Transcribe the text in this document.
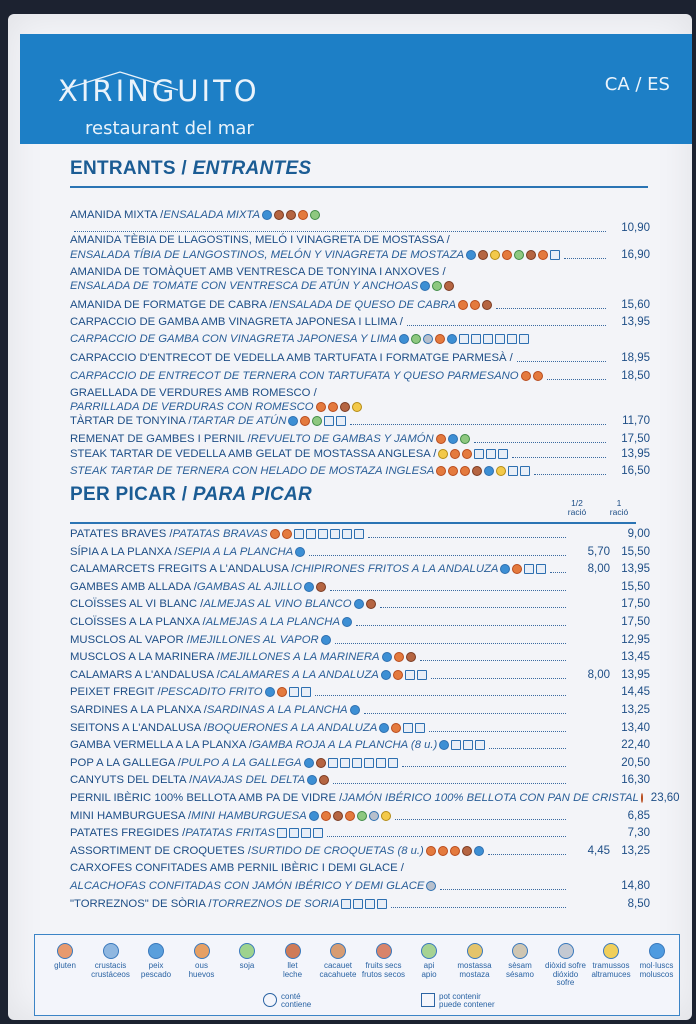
XIRINGUITO
restaurant del mar
CA / ES
ENTRANTS / ENTRANTES
AMANIDA MIXTA / ENSALADA MIXTA
10,90
AMANIDA TÈBIA DE LLAGOSTINS, MELÓ I VINAGRETA DE MOSTASSA /
ENSALADA TÍBIA DE LANGOSTINOS, MELÓN Y VINAGRETA DE MOSTAZA	16,90
AMANIDA DE TOMÀQUET AMB VENTRESCA DE TONYINA I ANXOVES /
ENSALADA DE TOMATE CON VENTRESCA DE ATÚN Y ANCHOAS
AMANIDA DE FORMATGE DE CABRA / ENSALADA DE QUESO DE CABRA	15,60
CARPACCIO DE GAMBA AMB VINAGRETA JAPONESA I LLIMA /	13,95
CARPACCIO DE GAMBA CON VINAGRETA JAPONESA Y LIMA
CARPACCIO D'ENTRECOT DE VEDELLA AMB TARTUFATA I FORMATGE PARMESÀ /	18,95
CARPACCIO DE ENTRECOT DE TERNERA CON TARTUFATA Y QUESO PARMESANO	18,50
GRAELLADA DE VERDURES AMB ROMESCO /
PARRILLADA DE VERDURAS CON ROMESCO
TÀRTAR DE TONYINA / TARTAR DE ATÚN	11,70
REMENAT DE GAMBES I PERNIL / REVUELTO DE GAMBAS Y JAMÓN	17,50
STEAK TARTAR DE VEDELLA AMB GELAT DE MOSTASSA ANGLESA /	13,95
STEAK TARTAR DE TERNERA CON HELADO DE MOSTAZA INGLESA	16,50
PER PICAR / PARA PICAR	1/2
ració
1
ració
PATATES BRAVES / PATATAS BRAVAS	9,00
SÍPIA A LA PLANXA / SEPIA A LA PLANCHA	5,70 15,50
CALAMARCETS FREGITS A L'ANDALUSA / CHIPIRONES FRITOS A LA ANDALUZA	8,00 13,95
GAMBES AMB ALLADA / GAMBAS AL AJILLO	15,50
CLOÏSSES AL VI BLANC / ALMEJAS AL VINO BLANCO	17,50
CLOÏSSES A LA PLANXA / ALMEJAS A LA PLANCHA	17,50
MUSCLOS AL VAPOR / MEJILLONES AL VAPOR	12,95
MUSCLOS A LA MARINERA / MEJILLONES A LA MARINERA	13,45
CALAMARS A L'ANDALUSA / CALAMARES A LA ANDALUZA	8,00 13,95
PEIXET FREGIT / PESCADITO FRITO	14,45
SARDINES A LA PLANXA / SARDINAS A LA PLANCHA	13,25
SEITONS A L'ANDALUSA / BOQUERONES A LA ANDALUZA	13,40
GAMBA VERMELLA A LA PLANXA / GAMBA ROJA A LA PLANCHA (8 u.)	22,40
POP A LA GALLEGA / PULPO A LA GALLEGA	20,50
CANYUTS DEL DELTA / NAVAJAS DEL DELTA	16,30
PERNIL IBÈRIC 100% BELLOTA AMB PA DE VIDRE / JAMÓN IBÉRICO 100% BELLOTA CON PAN DE CRISTAL 23,60
MINI HAMBURGUESA / MINI HAMBURGUESA	6,85
PATATES FREGIDES / PATATAS FRITAS	7,30
ASSORTIMENT DE CROQUETES / SURTIDO DE CROQUETAS (8 u.)	4,45 13,25
CARXOFES CONFITADES AMB PERNIL IBÈRIC I DEMI GLACE /
ALCACHOFAS CONFITADAS CON JAMÓN IBÉRICO Y DEMI GLACE	14,80
"TORREZNOS" DE SÒRIA / TORREZNOS DE SORIA	8,50
gluten	crustacis
crustáceos
peix
pescado
ous
huevos
soja	llet
leche
cacauet
cacahuete
fruits secs
frutos secos
api
apio
mostassa
mostaza
sèsam
sésamo
diòxid sofre
dióxido sofre
tramussos
altramuces
mol·luscs
moluscos
conté
contiene
pot contenir
puede contener
